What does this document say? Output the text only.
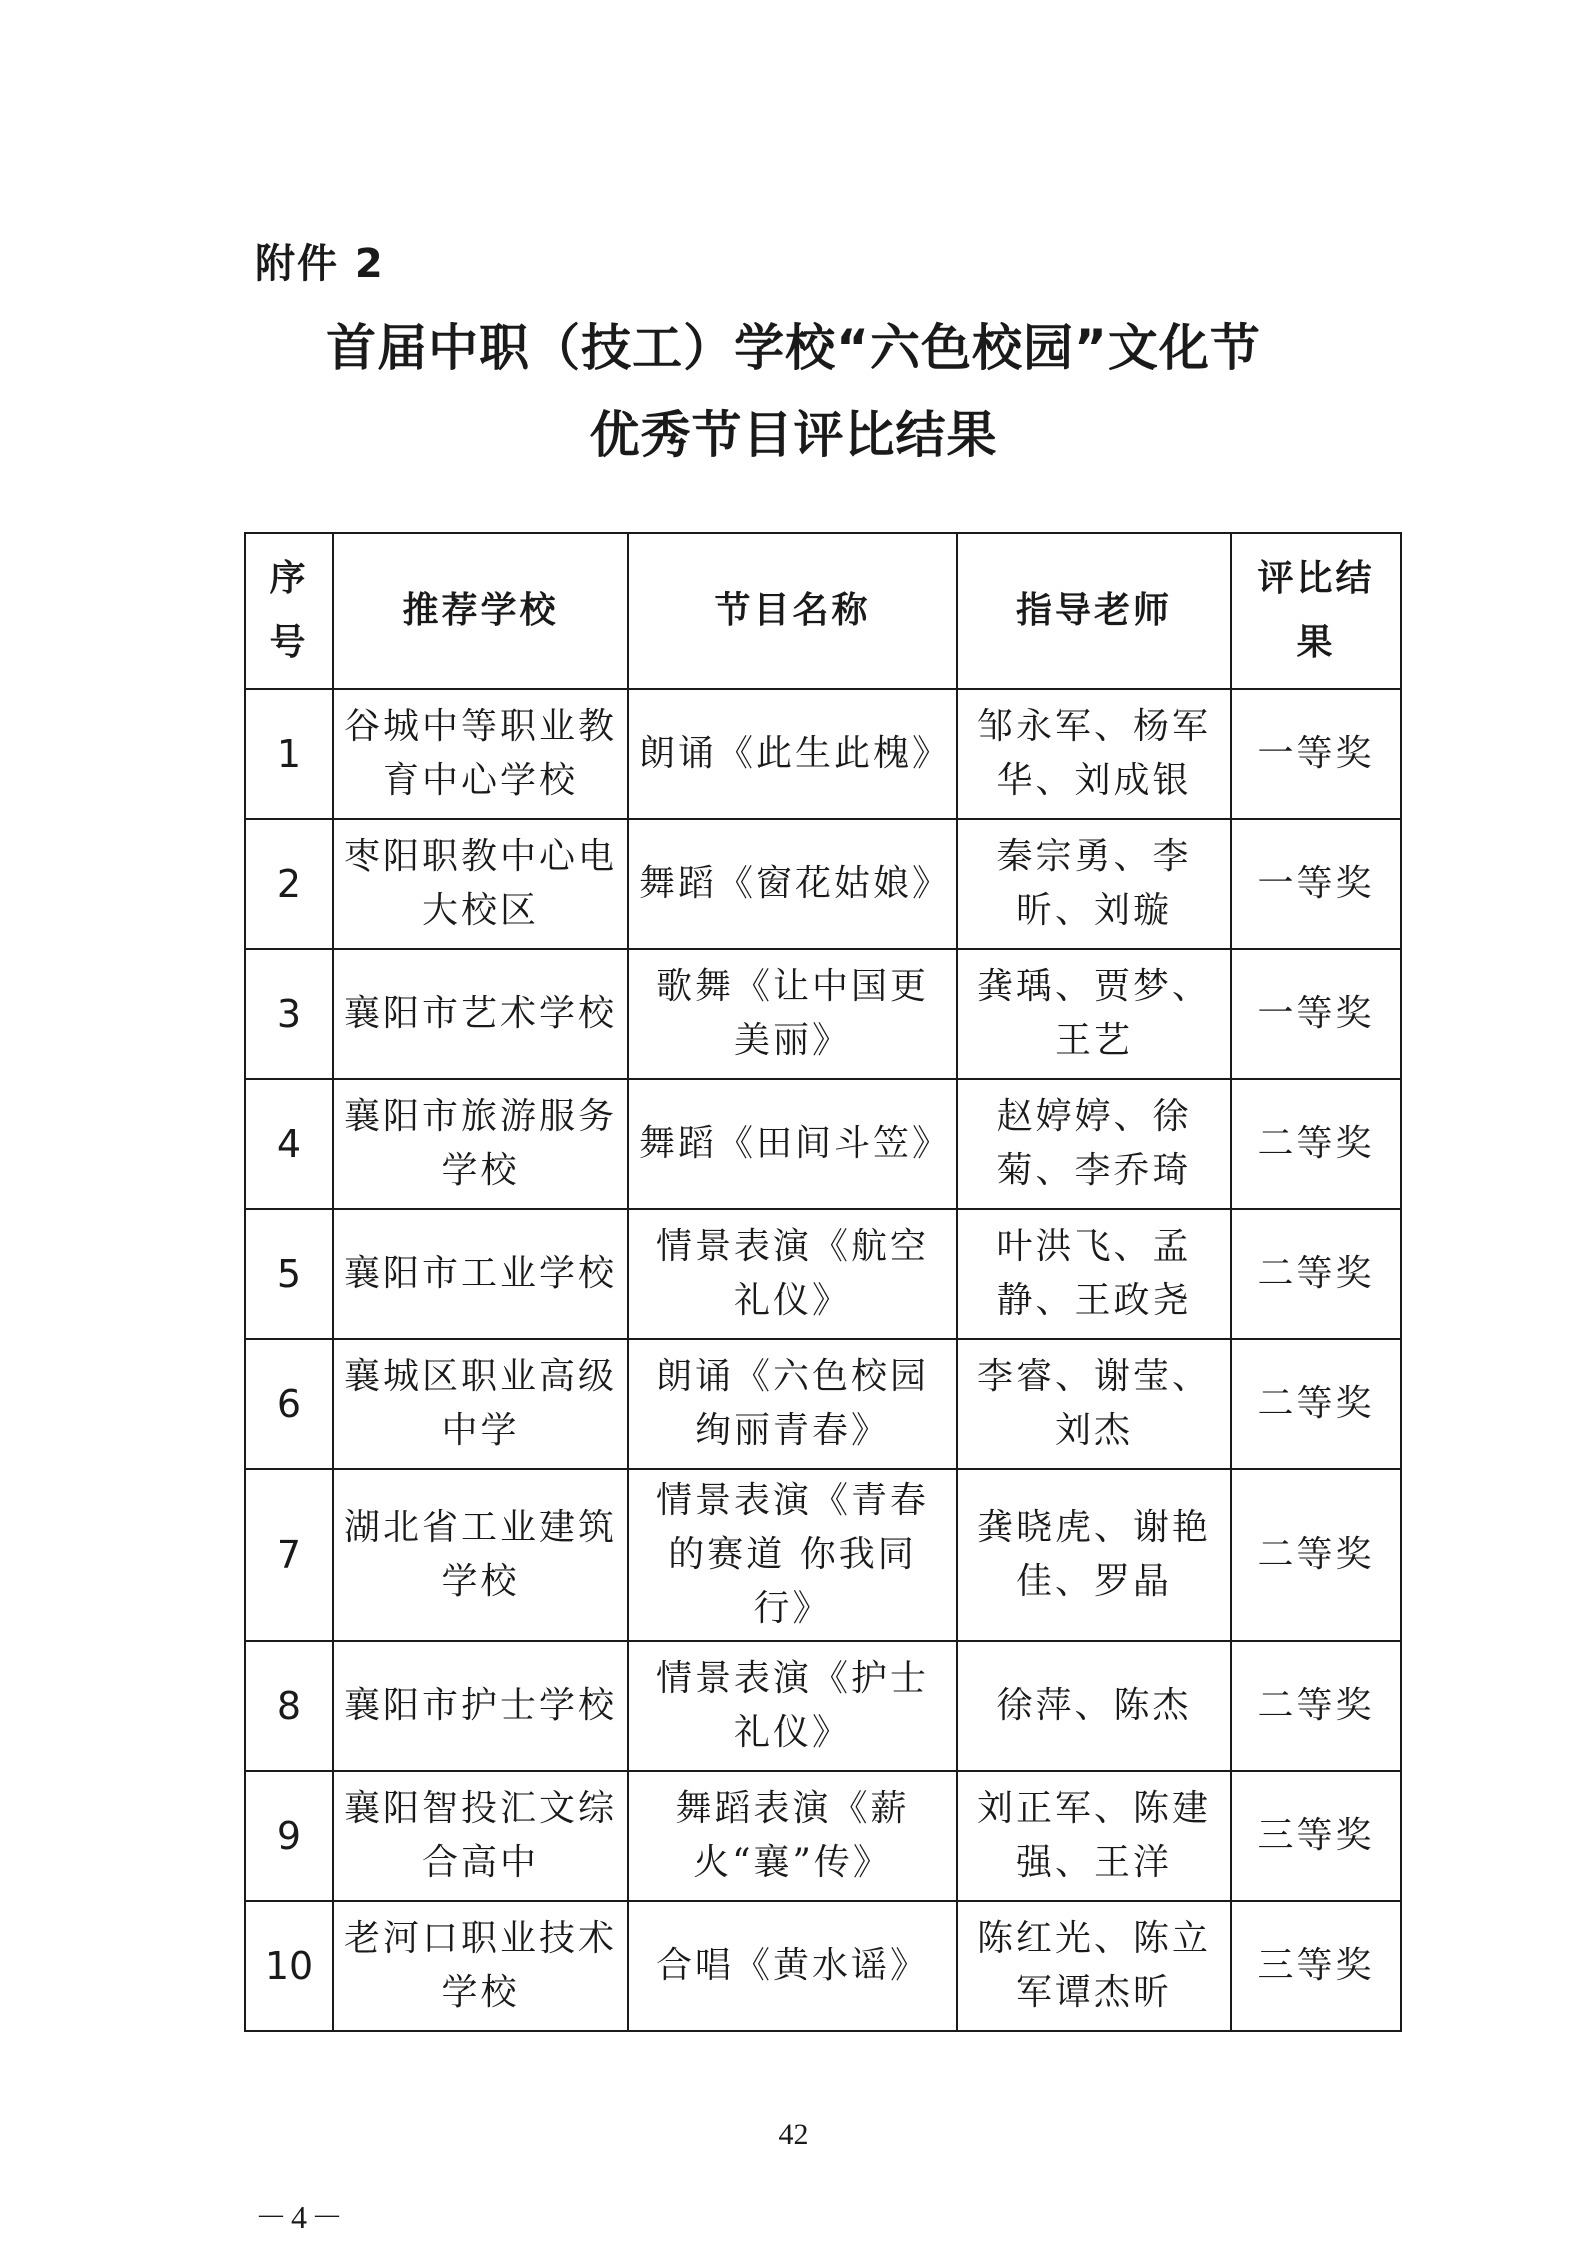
附件 2
首届中职（技工）学校“六色校园”文化节
优秀节目评比结果
序号	推荐学校	节目名称	指导老师	评比结果
1	谷城中等职业教育中心学校	朗诵《此生此槐》	邹永军、杨军华、刘成银	一等奖
2	枣阳职教中心电大校区	舞蹈《窗花姑娘》	秦宗勇、李昕、刘璇	一等奖
3	襄阳市艺术学校	歌舞《让中国更美丽》	龚瑀、贾梦、王艺	一等奖
4	襄阳市旅游服务学校	舞蹈《田间斗笠》	赵婷婷、徐菊、李乔琦	二等奖
5	襄阳市工业学校	情景表演《航空礼仪》	叶洪飞、孟静、王政尧	二等奖
6	襄城区职业高级中学	朗诵《六色校园绚丽青春》	李睿、谢莹、刘杰	二等奖
7	湖北省工业建筑学校	情景表演《青春的赛道 你我同行》	龚晓虎、谢艳佳、罗晶	二等奖
8	襄阳市护士学校	情景表演《护士礼仪》	徐萍、陈杰	二等奖
9	襄阳智投汇文综合高中	舞蹈表演《薪火“襄”传》	刘正军、陈建强、王洋	三等奖
10	老河口职业技术学校	合唱《黄水谣》	陈红光、陈立军谭杰昕	三等奖
42
－4－
